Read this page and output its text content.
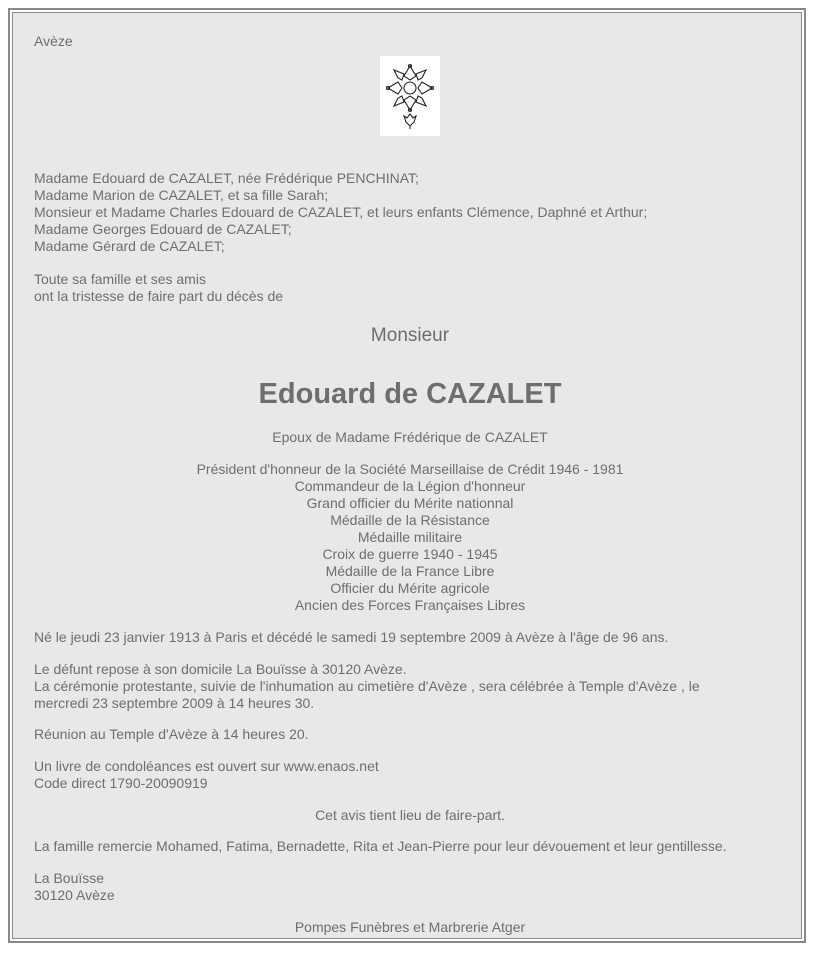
Avèze
Madame Edouard de CAZALET, née Frédérique PENCHINAT;
Madame Marion de CAZALET, et sa fille Sarah;
Monsieur et Madame Charles Edouard de CAZALET, et leurs enfants Clémence, Daphné et Arthur;
Madame Georges Edouard de CAZALET;
Madame Gérard de CAZALET;
Toute sa famille et ses amis
ont la tristesse de faire part du décès de
Monsieur
Edouard de CAZALET
Epoux de Madame Frédérique de CAZALET
Président d'honneur de la Société Marseillaise de Crédit 1946 - 1981
Commandeur de la Légion d'honneur
Grand officier du Mérite nationnal
Médaille de la Résistance
Médaille militaire
Croix de guerre 1940 - 1945
Médaille de la France Libre
Officier du Mérite agricole
Ancien des Forces Françaises Libres
Né le jeudi 23 janvier 1913 à Paris et décédé le samedi 19 septembre 2009 à Avèze à l'âge de 96 ans.
Le défunt repose à son domicile La Bouïsse à 30120 Avèze.
La cérémonie protestante, suivie de l'inhumation au cimetière d'Avèze , sera célébrée à Temple d'Avèze , le
mercredi 23 septembre 2009 à 14 heures 30.
Réunion au Temple d'Avèze à 14 heures 20.
Un livre de condoléances est ouvert sur www.enaos.net
Code direct 1790-20090919
Cet avis tient lieu de faire-part.
La famille remercie Mohamed, Fatima, Bernadette, Rita et Jean-Pierre pour leur dévouement et leur gentillesse.
La Bouïsse
30120 Avèze
Pompes Funèbres et Marbrerie Atger
